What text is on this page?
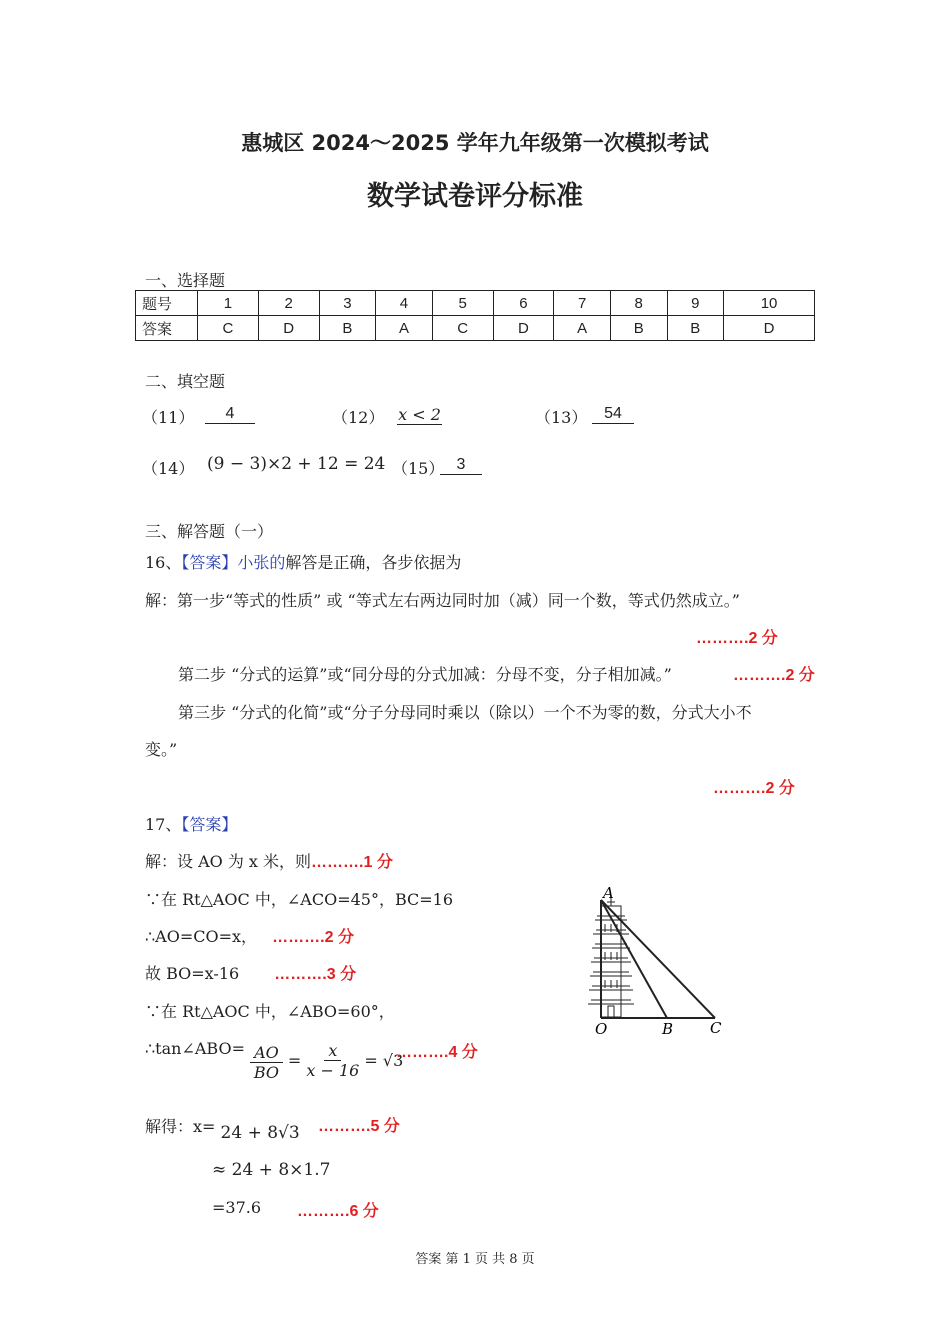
惠城区 2024～2025 学年九年级第一次模拟考试
数学试卷评分标准
一、选择题
题号	1	2	3	4	5	6	7	8	9	10
答案	C	D	B	A	C	D	A	B	B	D
二、填空题
（11）	4	（12） x < 2	（13）	54
（14） (9 − 3)×2 + 12 = 24 （15） 3
三、解答题（一）
16、【答案】小张的解答是正确，各步依据为
解：第一步“等式的性质” 或 “等式左右两边同时加（减）同一个数，等式仍然成立。”
……….2 分
第二步 “分式的运算”或“同分母的分式加减：分母不变，分子相加减。”	……….2 分
第三步 “分式的化简”或“分子分母同时乘以（除以）一个不为零的数，分式大小不
变。”
……….2 分
17、【答案】
解：设 AO 为 x 米，则……….1 分
∵在 Rt△AOC 中，∠ACO=45°，BC=16
∴AO=CO=x， ……….2 分
故 BO=x-16 ……….3 分
∵在 Rt△AOC 中，∠ABO=60°，
∴tan∠ABO= $\frac{AO}{BO} = \frac{x}{x - 16} = √3$
……….4 分
解得：x= 24 + 8√3 ……….5 分
≈ 24 + 8×1.7
=37.6 ……….6 分
A
O	B C
答案 第 1 页 共 8 页
